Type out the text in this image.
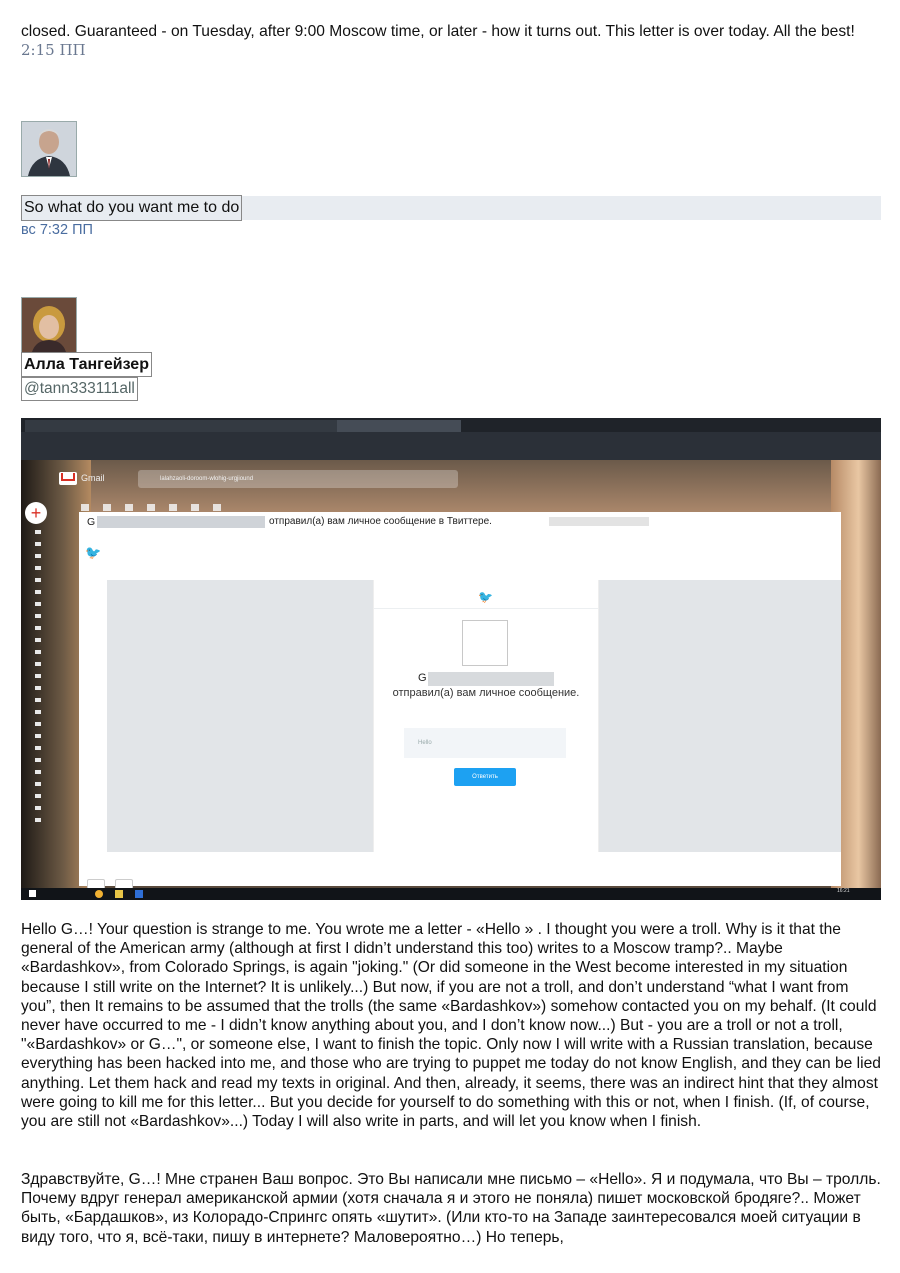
closed. Guaranteed - on Tuesday, after 9:00 Moscow time, or later - how it turns out. This letter is over today. All the best! 2:15 ПП

So what do you want me to do
вс 7:32 ПП
Алла Тангейзер
@tann333111all
Gmail	lalahzaoli-doroom-wlohig-urgjiound
+	G	отправил(а) вам личное сообщение в Твиттере.
🐦
🐦
G
отправил(а) вам личное сообщение.
Hello
Ответить

16:21

Hello G…! Your question is strange to me. You wrote me a letter - «Hello » . I thought you were a troll. Why is it that the general of the American army (although at first I didn’t understand this too) writes to a Moscow tramp?.. Maybe «Bardashkov», from Colorado Springs, is again "joking." (Or did someone in the West become interested in my situation because I still write on the Internet? It is unlikely...) But now, if you are not a troll, and don’t understand “what I want from you”, then It remains to be assumed that the trolls (the same «Bardashkov») somehow contacted you on my behalf. (It could never have occurred to me - I didn’t know anything about you, and I don’t know now...) But - you are a troll or not a troll, "«Bardashkov» or G…", or someone else, I want to finish the topic. Only now I will write with a Russian translation, because everything has been hacked into me, and those who are trying to puppet me today do not know English, and they can be lied anything. Let them hack and read my texts in original. And then, already, it seems, there was an indirect hint that they almost were going to kill me for this letter... But you decide for yourself to do something with this or not, when I finish. (If, of course, you are still not «Bardashkov»...) Today I will also write in parts, and will let you know when I finish.

Здравствуйте, G…! Мне странен Ваш вопрос. Это Вы написали мне письмо – «Hello». Я и подумала, что Вы – тролль. Почему вдруг генерал американской армии (хотя сначала я и этого не поняла) пишет московской бродяге?.. Может быть, «Бардашков», из Колорадо-Спрингс опять «шутит». (Или кто-то на Западе заинтересовался моей ситуации в виду того, что я, всё-таки, пишу в интернете? Маловероятно…) Но теперь,
